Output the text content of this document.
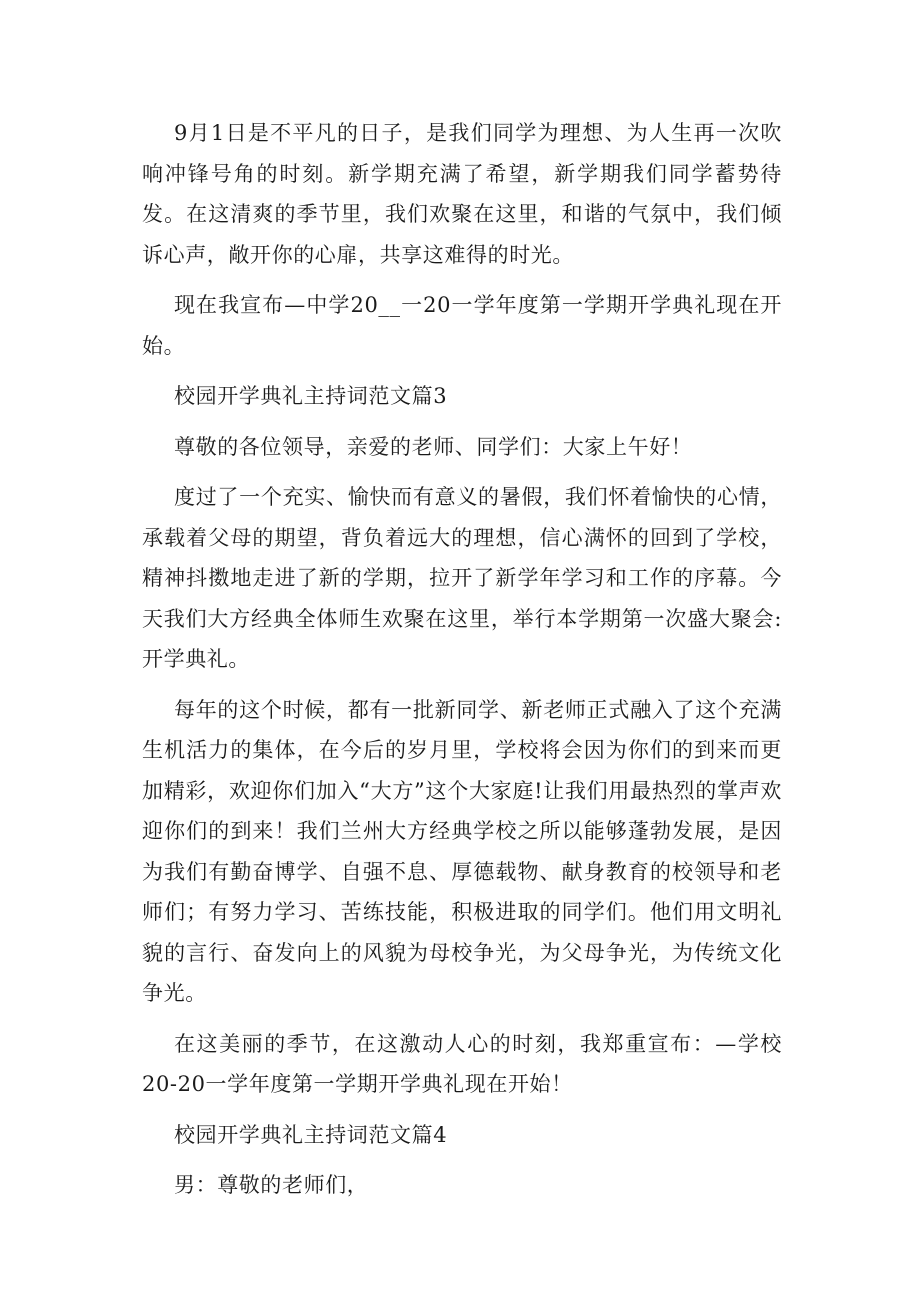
9月1日是不平凡的日子，是我们同学为理想、为人生再一次吹响冲锋号角的时刻。新学期充满了希望，新学期我们同学蓄势待发。在这清爽的季节里，我们欢聚在这里，和谐的气氛中，我们倾诉心声，敞开你的心扉，共享这难得的时光。

现在我宣布—中学20__一20一学年度第一学期开学典礼现在开始。

校园开学典礼主持词范文篇3

尊敬的各位领导，亲爱的老师、同学们：大家上午好！

度过了一个充实、愉快而有意义的暑假，我们怀着愉快的心情，承载着父母的期望，背负着远大的理想，信心满怀的回到了学校，精神抖擞地走进了新的学期，拉开了新学年学习和工作的序幕。今天我们大方经典全体师生欢聚在这里，举行本学期第一次盛大聚会:开学典礼。

每年的这个时候，都有一批新同学、新老师正式融入了这个充满生机活力的集体，在今后的岁月里，学校将会因为你们的到来而更加精彩，欢迎你们加入“大方”这个大家庭!让我们用最热烈的掌声欢迎你们的到来！我们兰州大方经典学校之所以能够蓬勃发展，是因为我们有勤奋博学、自强不息、厚德载物、献身教育的校领导和老师们；有努力学习、苦练技能，积极进取的同学们。他们用文明礼貌的言行、奋发向上的风貌为母校争光，为父母争光，为传统文化争光。

在这美丽的季节，在这激动人心的时刻，我郑重宣布：—学校20-20一学年度第一学期开学典礼现在开始！

校园开学典礼主持词范文篇4

男：尊敬的老师们，
